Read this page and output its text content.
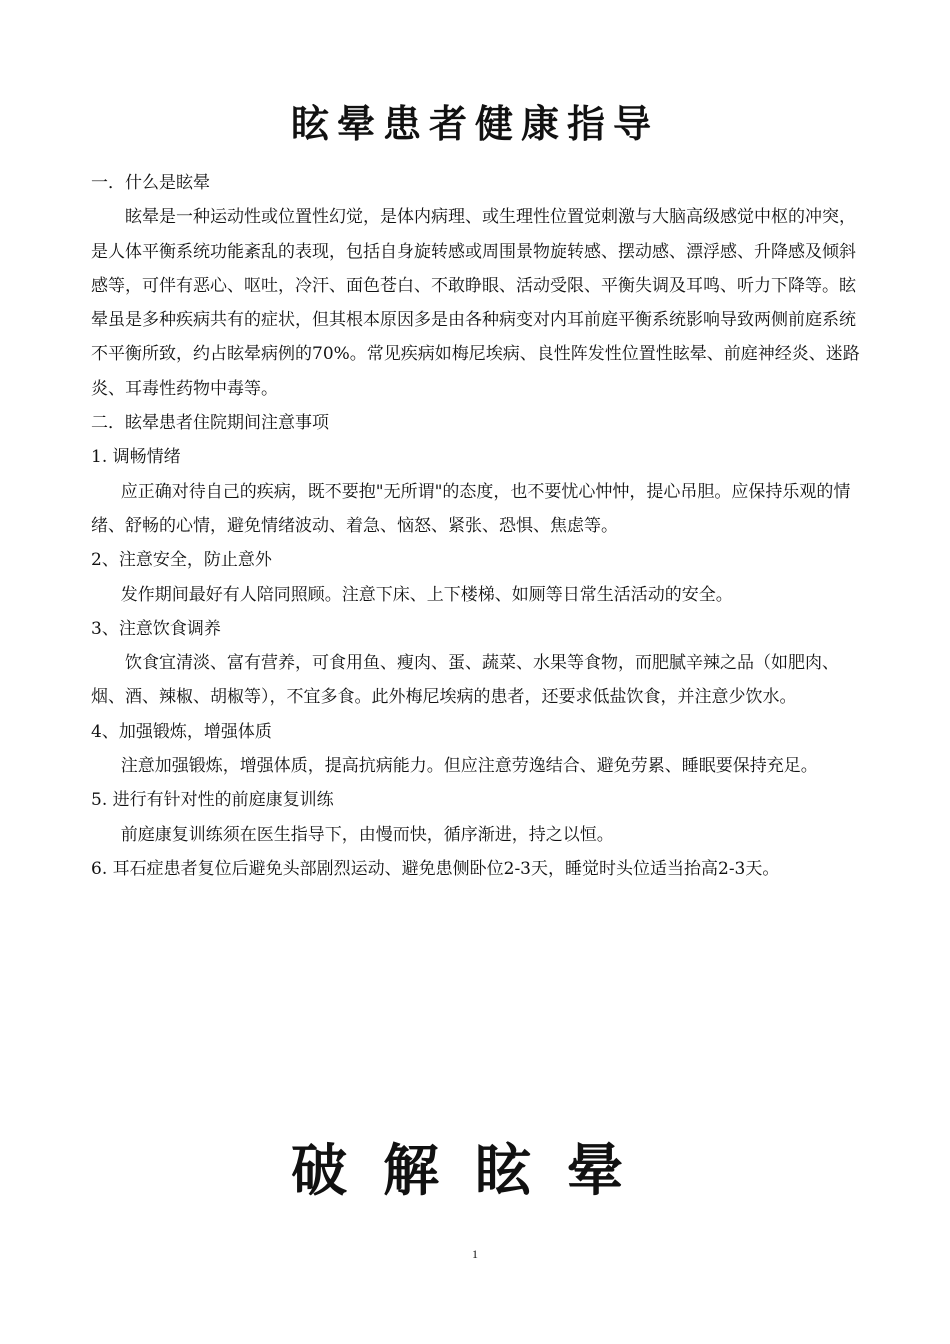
眩晕患者健康指导

一．什么是眩晕

眩晕是一种运动性或位置性幻觉，是体内病理、或生理性位置觉刺激与大脑高级感觉中枢的冲突，是人体平衡系统功能紊乱的表现，包括自身旋转感或周围景物旋转感、摆动感、漂浮感、升降感及倾斜感等，可伴有恶心、呕吐，冷汗、面色苍白、不敢睁眼、活动受限、平衡失调及耳鸣、听力下降等。眩晕虽是多种疾病共有的症状，但其根本原因多是由各种病变对内耳前庭平衡系统影响导致两侧前庭系统不平衡所致，约占眩晕病例的70%。常见疾病如梅尼埃病、良性阵发性位置性眩晕、前庭神经炎、迷路炎、耳毒性药物中毒等。

二．眩晕患者住院期间注意事项

1. 调畅情绪

应正确对待自己的疾病，既不要抱"无所谓"的态度，也不要忧心忡忡，提心吊胆。应保持乐观的情绪、舒畅的心情，避免情绪波动、着急、恼怒、紧张、恐惧、焦虑等。

2、注意安全，防止意外

发作期间最好有人陪同照顾。注意下床、上下楼梯、如厕等日常生活活动的安全。

3、注意饮食调养

饮食宜清淡、富有营养，可食用鱼、瘦肉、蛋、蔬菜、水果等食物，而肥腻辛辣之品（如肥肉、烟、酒、辣椒、胡椒等），不宜多食。此外梅尼埃病的患者，还要求低盐饮食，并注意少饮水。

4、加强锻炼，增强体质

注意加强锻炼，增强体质，提高抗病能力。但应注意劳逸结合、避免劳累、睡眠要保持充足。

5. 进行有针对性的前庭康复训练

前庭康复训练须在医生指导下，由慢而快，循序渐进，持之以恒。

6. 耳石症患者复位后避免头部剧烈运动、避免患侧卧位2-3天，睡觉时头位适当抬高2-3天。

破解眩晕
1
